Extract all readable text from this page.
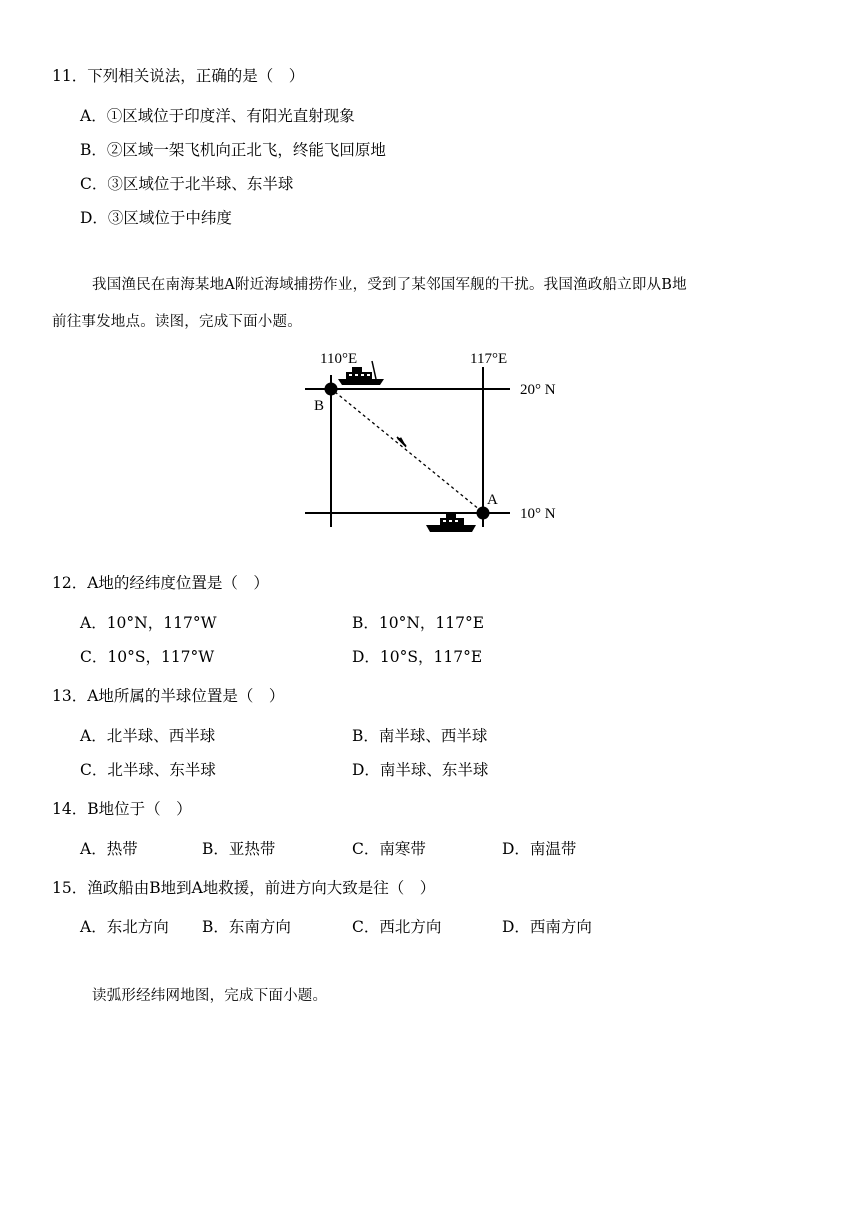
11．下列相关说法，正确的是（　）
A．①区域位于印度洋、有阳光直射现象
B．②区域一架飞机向正北飞，终能飞回原地
C．③区域位于北半球、东半球
D．③区域位于中纬度
我国渔民在南海某地A附近海域捕捞作业，受到了某邻国军舰的干扰。我国渔政船立即从B地
前往事发地点。读图，完成下面小题。
110°E	117°E
20° N
10° N
B
A
12．A地的经纬度位置是（　）
A．10°N，117°W	B．10°N，117°E
C．10°S，117°W	D．10°S，117°E
13．A地所属的半球位置是（　）
A．北半球、西半球	B．南半球、西半球
C．北半球、东半球	D．南半球、东半球
14．B地位于（　）
A．热带	B．亚热带	C．南寒带	D．南温带
15．渔政船由B地到A地救援，前进方向大致是往（　）
A．东北方向 B．东南方向	C．西北方向	D．西南方向
读弧形经纬网地图，完成下面小题。
